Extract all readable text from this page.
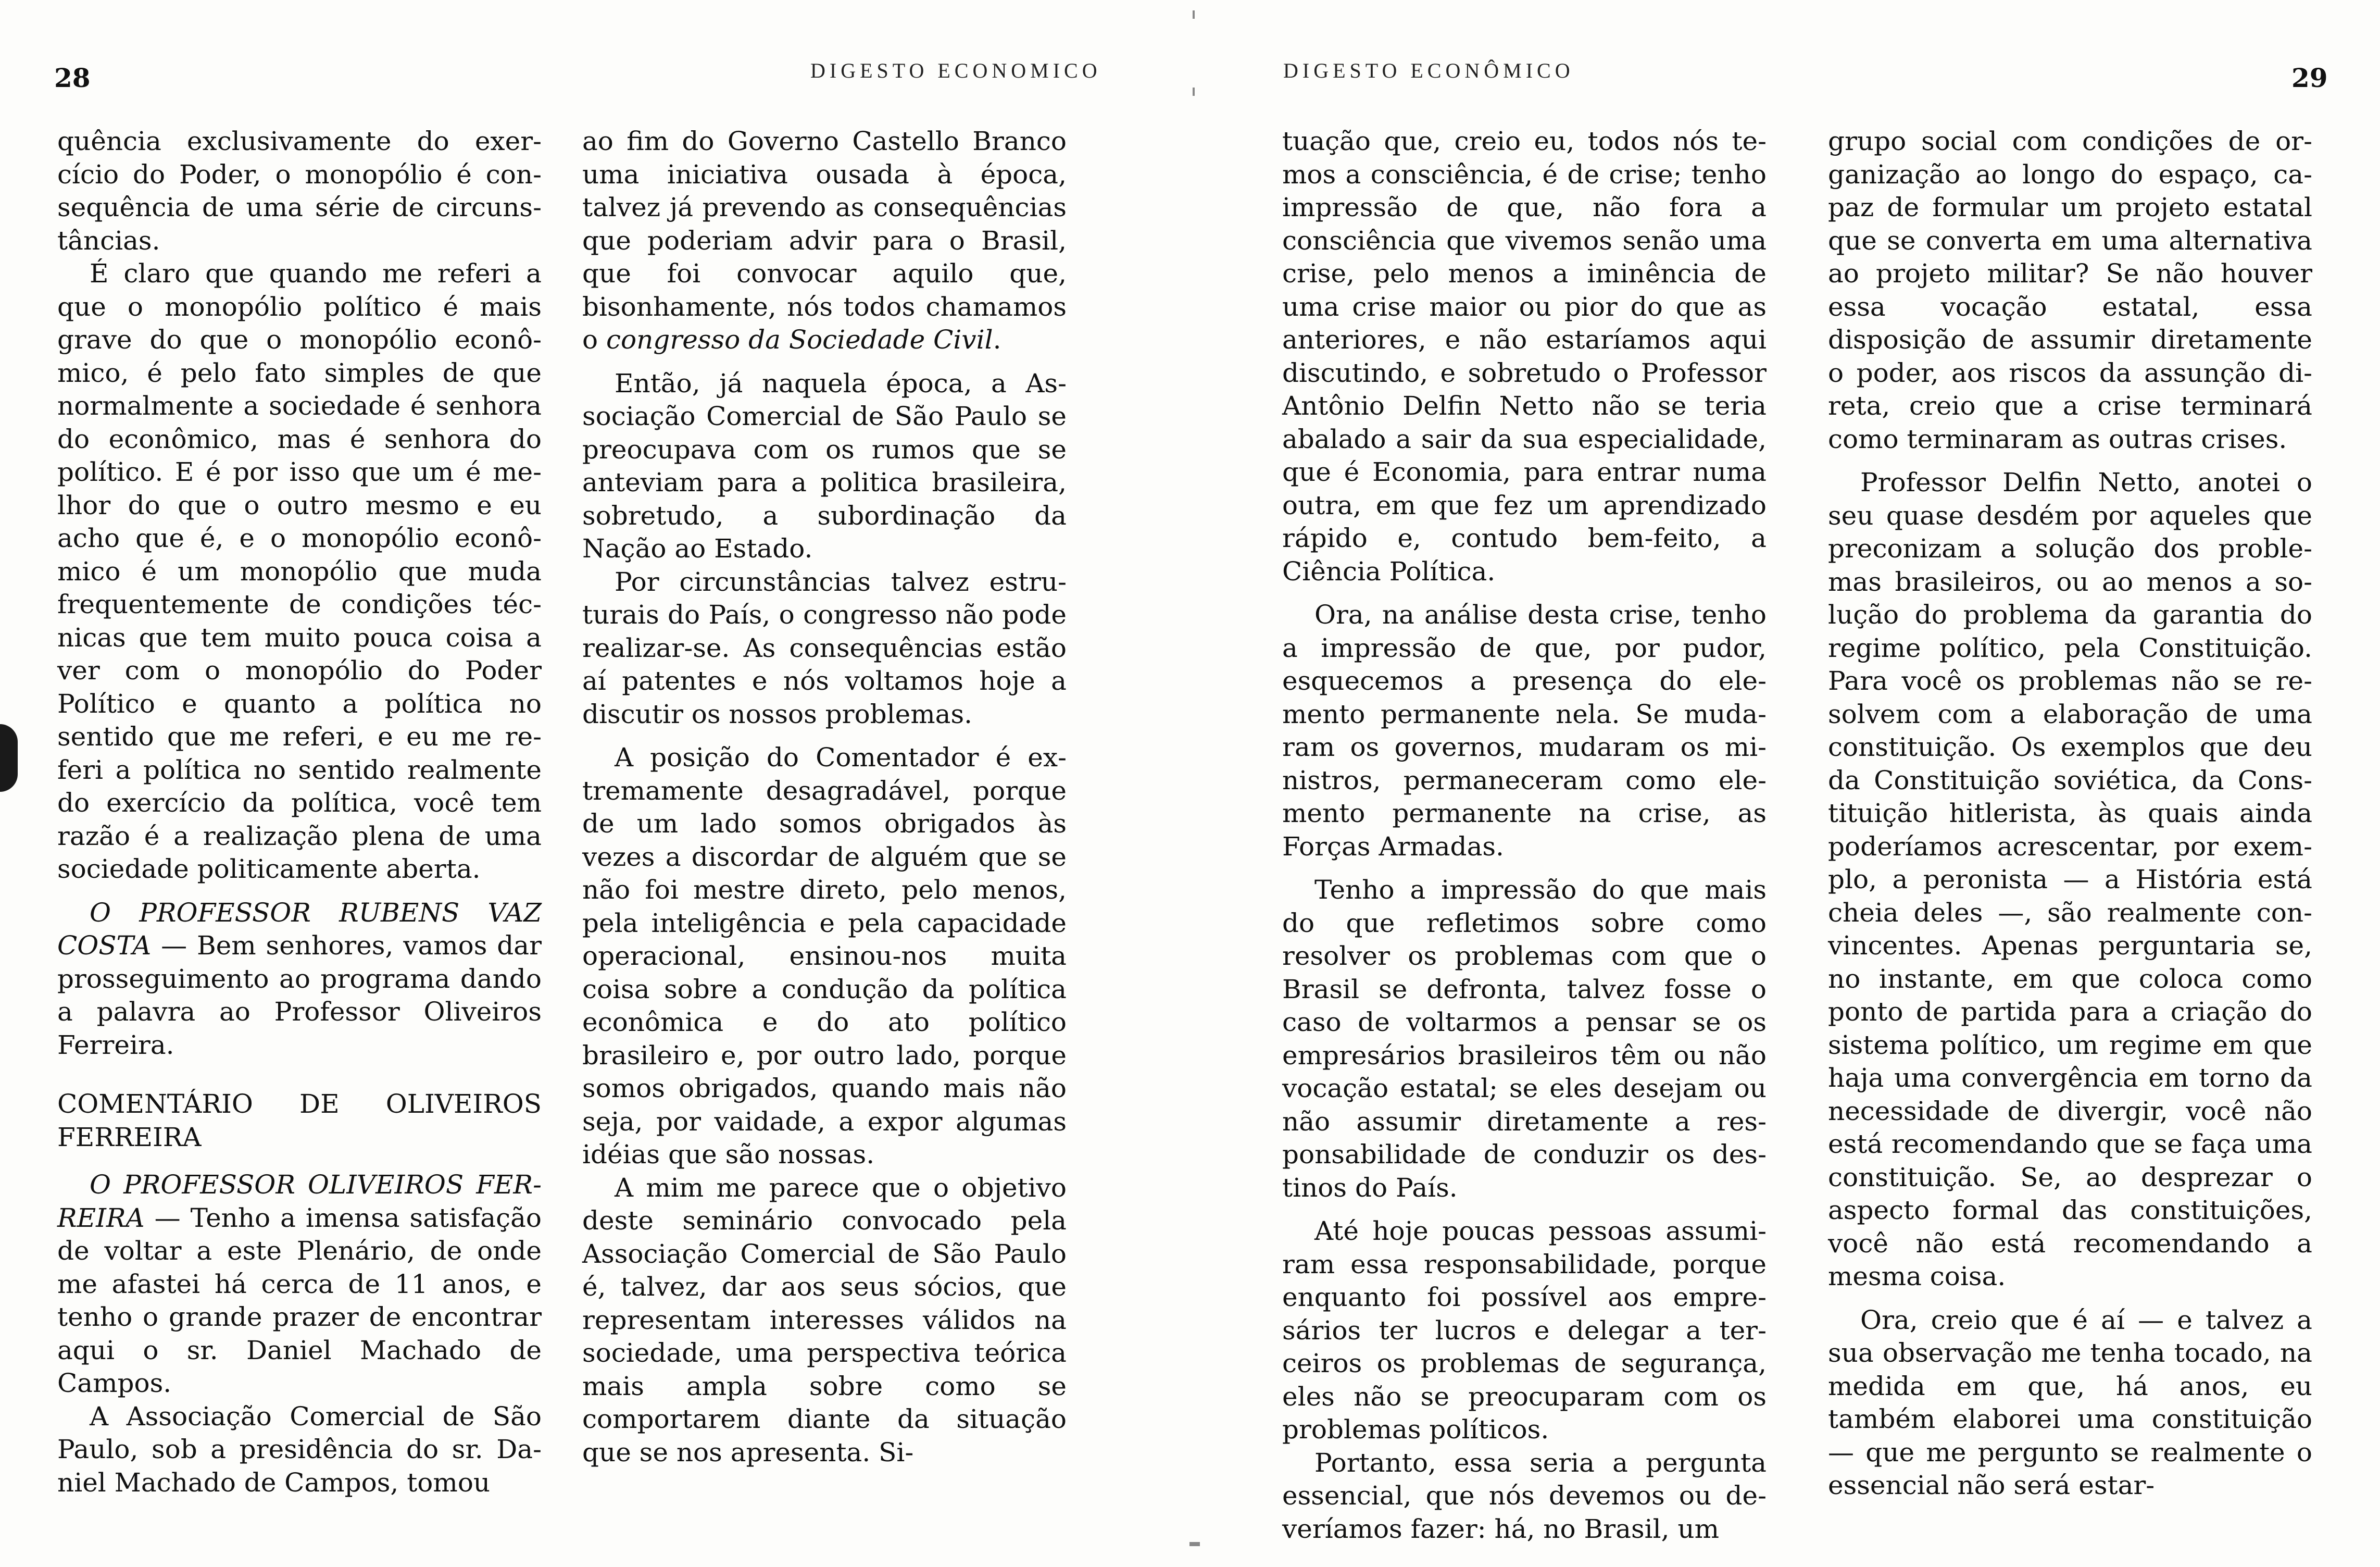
28	DIGESTO ECONOMICO	DIGESTO ECONÔMICO	29

quência exclusivamente do exercício do Poder, o monopólio é consequência de uma série de circunstâncias.

É claro que quando me referi a que o monopólio político é mais grave do que o monopólio econômico, é pelo fato simples de que normalmente a sociedade é senhora do econômico, mas é senhora do político. E é por isso que um é melhor do que o outro mesmo e eu acho que é, e o monopólio econômico é um monopólio que muda frequentemente de condições técnicas que tem muito pouca coisa a ver com o monopólio do Poder Político e quanto a política no sentido que me referi, e eu me referi a política no sentido realmente do exercício da política, você tem razão é a realização plena de uma sociedade politicamente aberta.

O PROFESSOR RUBENS VAZ COSTA — Bem senhores, vamos dar prosseguimento ao programa dando a palavra ao Professor Oliveiros Ferreira.

COMENTÁRIO DE OLIVEIROS FERREIRA

O PROFESSOR OLIVEIROS FERREIRA — Tenho a imensa satisfação de voltar a este Plenário, de onde me afastei há cerca de 11 anos, e tenho o grande prazer de encontrar aqui o sr. Daniel Machado de Campos.

A Associação Comercial de São Paulo, sob a presidência do sr. Daniel Machado de Campos, tomou

ao fim do Governo Castello Branco uma iniciativa ousada à época, talvez já prevendo as consequências que poderiam advir para o Brasil, que foi convocar aquilo que, bisonhamente, nós todos chamamos o congresso da Sociedade Civil.

Então, já naquela época, a Associação Comercial de São Paulo se preocupava com os rumos que se anteviam para a politica brasileira, sobretudo, a subordinação da Nação ao Estado.

Por circunstâncias talvez estruturais do País, o congresso não pode realizar-se. As consequências estão aí patentes e nós voltamos hoje a discutir os nossos problemas.

A posição do Comentador é extremamente desagradável, porque de um lado somos obrigados às vezes a discordar de alguém que se não foi mestre direto, pelo menos, pela inteligência e pela capacidade operacional, ensinou-nos muita coisa sobre a condução da política econômica e do ato político brasileiro e, por outro lado, porque somos obrigados, quando mais não seja, por vaidade, a expor algumas idéias que são nossas.

A mim me parece que o objetivo deste seminário convocado pela Associação Comercial de São Paulo é, talvez, dar aos seus sócios, que representam interesses válidos na sociedade, uma perspectiva teórica mais ampla sobre como se comportarem diante da situação que se nos apresenta. Si-

tuação que, creio eu, todos nós temos a consciência, é de crise; tenho impressão de que, não fora a consciência que vivemos senão uma crise, pelo menos a iminência de uma crise maior ou pior do que as anteriores, e não estaríamos aqui discutindo, e sobretudo o Professor Antônio Delfin Netto não se teria abalado a sair da sua especialidade, que é Economia, para entrar numa outra, em que fez um aprendizado rápido e, contudo bem-feito, a Ciência Política.

Ora, na análise desta crise, tenho a impressão de que, por pudor, esquecemos a presença do elemento permanente nela. Se mudaram os governos, mudaram os ministros, permaneceram como elemento permanente na crise, as Forças Armadas.

Tenho a impressão do que mais do que refletimos sobre como resolver os problemas com que o Brasil se defronta, talvez fosse o caso de voltarmos a pensar se os empresários brasileiros têm ou não vocação estatal; se eles desejam ou não assumir diretamente a responsabilidade de conduzir os destinos do País.

Até hoje poucas pessoas assumiram essa responsabilidade, porque enquanto foi possível aos empresários ter lucros e delegar a terceiros os problemas de segurança, eles não se preocuparam com os problemas políticos.

Portanto, essa seria a pergunta essencial, que nós devemos ou deveríamos fazer: há, no Brasil, um

grupo social com condições de organização ao longo do espaço, capaz de formular um projeto estatal que se converta em uma alternativa ao projeto militar? Se não houver essa vocação estatal, essa disposição de assumir diretamente o poder, aos riscos da assunção direta, creio que a crise terminará como terminaram as outras crises.

Professor Delfin Netto, anotei o seu quase desdém por aqueles que preconizam a solução dos problemas brasileiros, ou ao menos a solução do problema da garantia do regime político, pela Constituição. Para você os problemas não se resolvem com a elaboração de uma constituição. Os exemplos que deu da Constituição soviética, da Constituição hitlerista, às quais ainda poderíamos acrescentar, por exemplo, a peronista — a História está cheia deles —, são realmente convincentes. Apenas perguntaria se, no instante, em que coloca como ponto de partida para a criação do sistema político, um regime em que haja uma convergência em torno da necessidade de divergir, você não está recomendando que se faça uma constituição. Se, ao desprezar o aspecto formal das constituições, você não está recomendando a mesma coisa.

Ora, creio que é aí — e talvez a sua observação me tenha tocado, na medida em que, há anos, eu também elaborei uma constituição — que me pergunto se realmente o essencial não será estar-
